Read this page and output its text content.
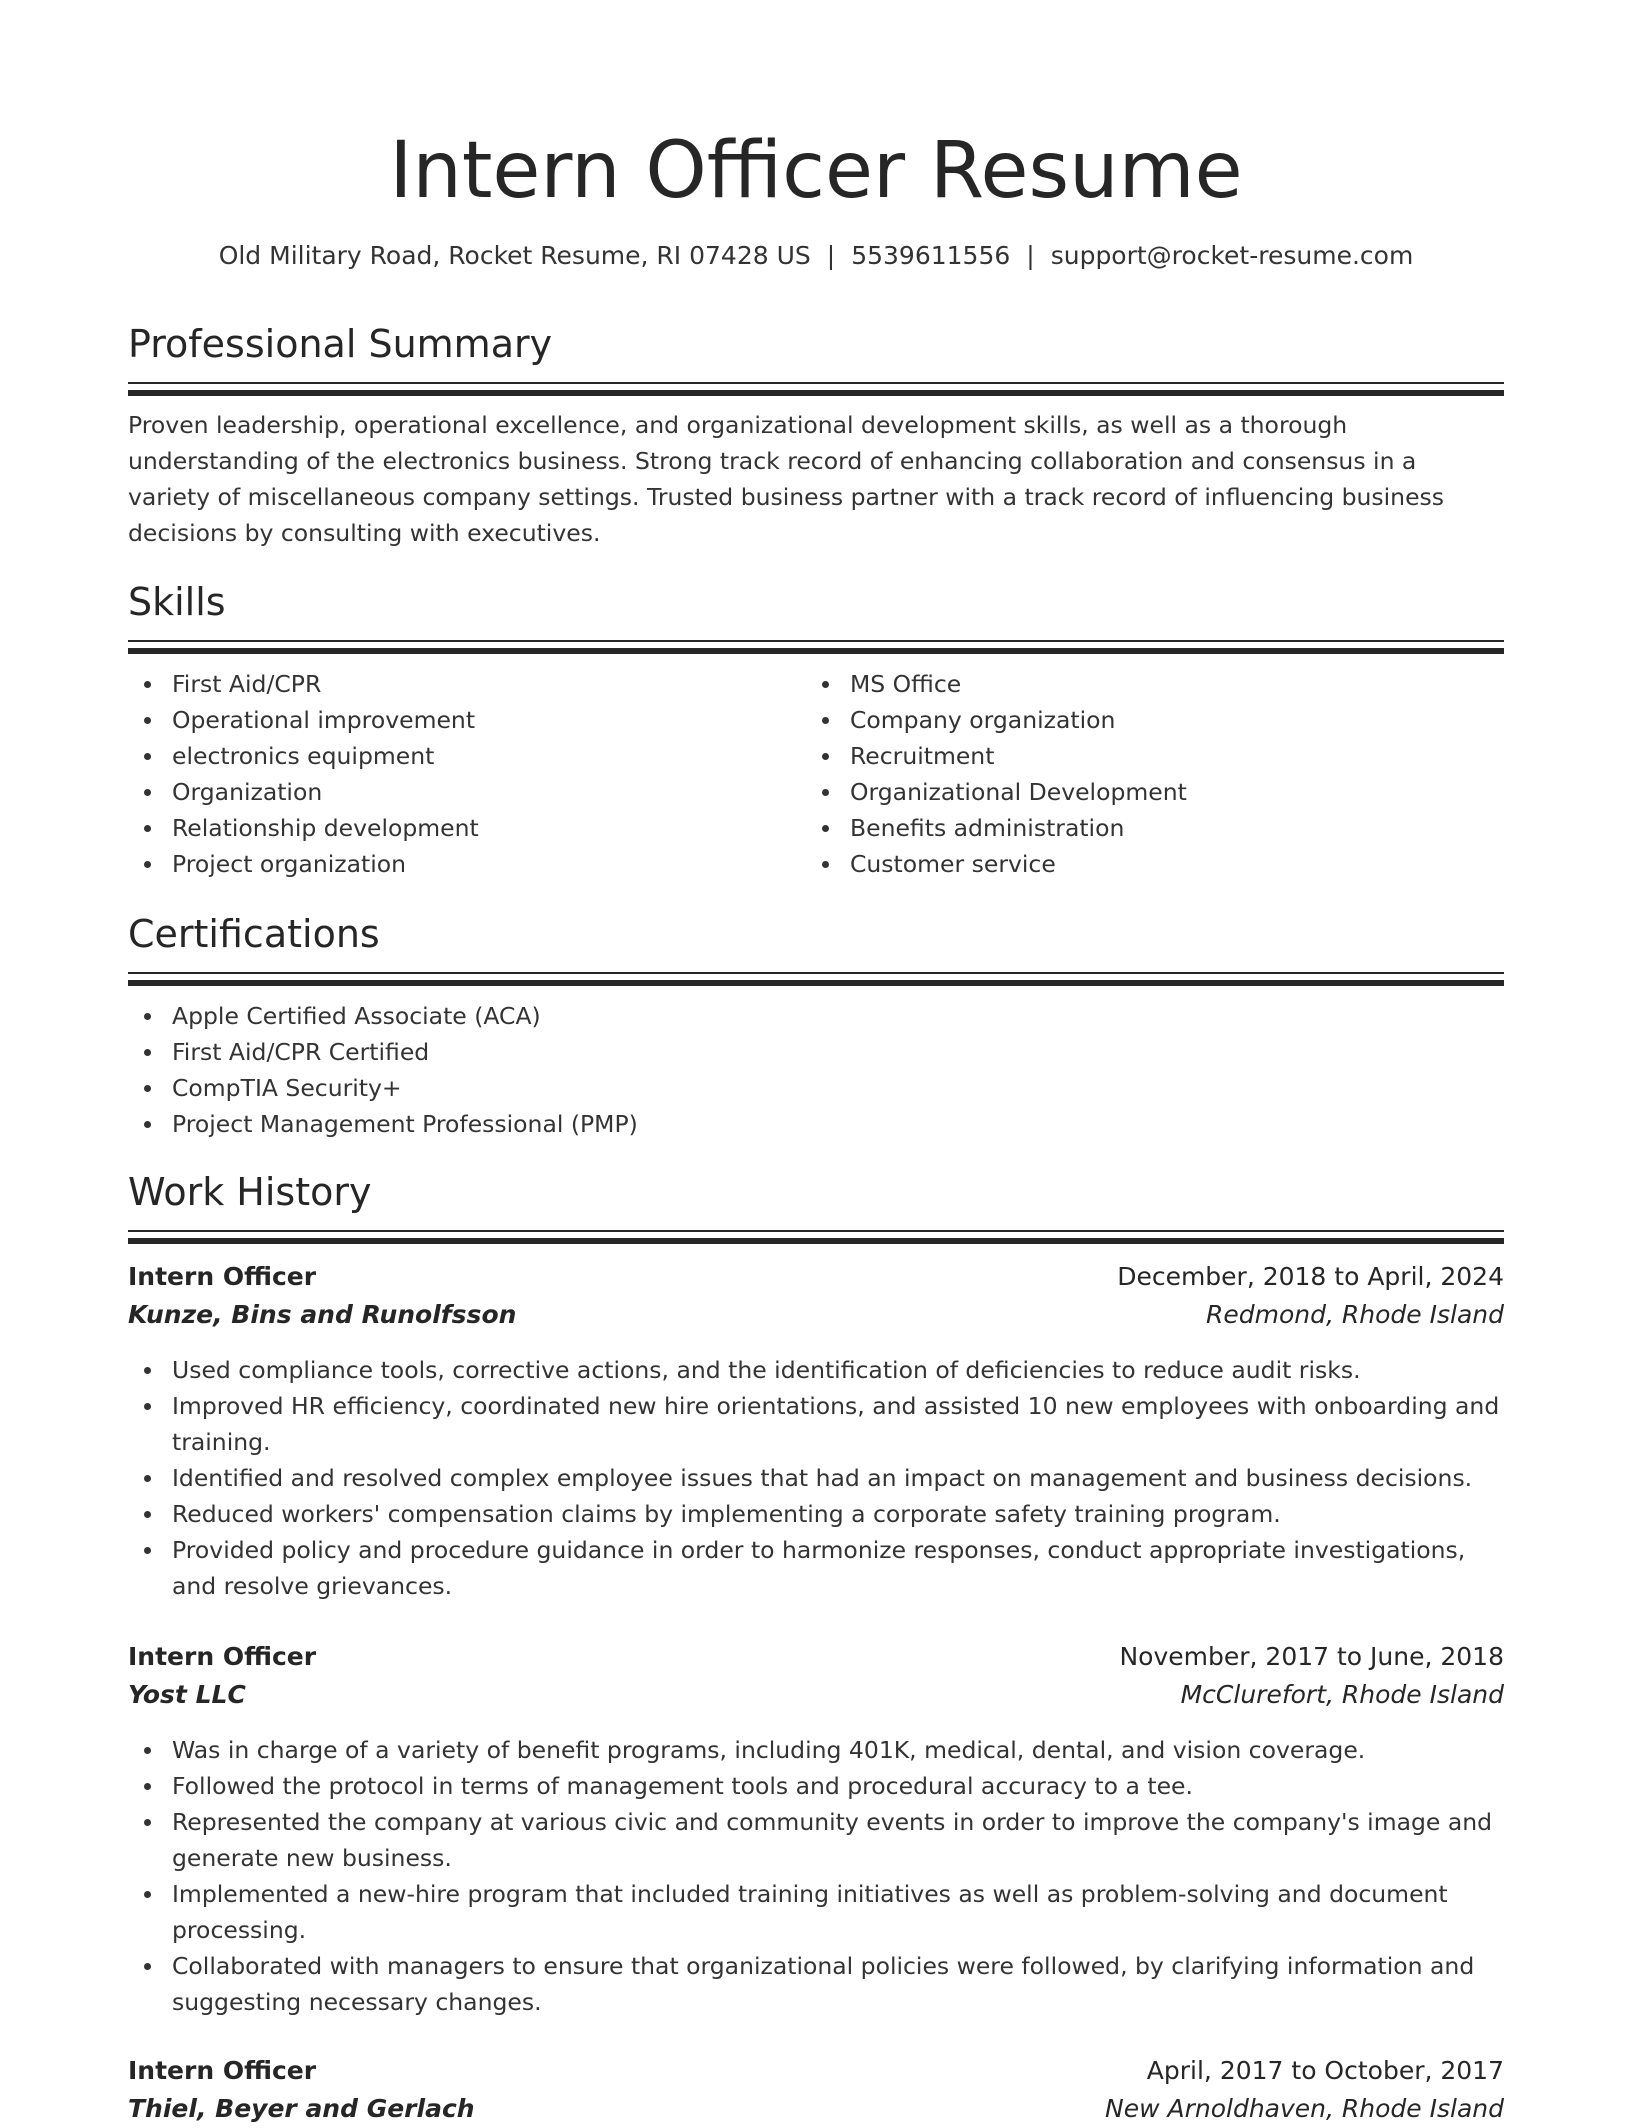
Intern Officer Resume
Old Military Road, Rocket Resume, RI 07428 US | 5539611556 | support@rocket-resume.com
Professional Summary

Proven leadership, operational excellence, and organizational development skills, as well as a thorough understanding of the electronics business. Strong track record of enhancing collaboration and consensus in a variety of miscellaneous company settings. Trusted business partner with a track record of influencing business decisions by consulting with executives.

Skills
First Aid/CPR
Operational improvement
electronics equipment
Organization
Relationship development
Project organization
MS Office
Company organization
Recruitment
Organizational Development
Benefits administration
Customer service
Certifications
Apple Certified Associate (ACA)
First Aid/CPR Certified
CompTIA Security+
Project Management Professional (PMP)
Work History
Intern Officer	December, 2018 to April, 2024
Kunze, Bins and Runolfsson	Redmond, Rhode Island
Used compliance tools, corrective actions, and the identification of deficiencies to reduce audit risks.
Improved HR efficiency, coordinated new hire orientations, and assisted 10 new employees with onboarding and training.
Identified and resolved complex employee issues that had an impact on management and business decisions.
Reduced workers' compensation claims by implementing a corporate safety training program.
Provided policy and procedure guidance in order to harmonize responses, conduct appropriate investigations, and resolve grievances.
Intern Officer	November, 2017 to June, 2018
Yost LLC	McClurefort, Rhode Island
Was in charge of a variety of benefit programs, including 401K, medical, dental, and vision coverage.
Followed the protocol in terms of management tools and procedural accuracy to a tee.
Represented the company at various civic and community events in order to improve the company's image and generate new business.
Implemented a new-hire program that included training initiatives as well as problem-solving and document processing.
Collaborated with managers to ensure that organizational policies were followed, by clarifying information and suggesting necessary changes.
Intern Officer	April, 2017 to October, 2017
Thiel, Beyer and Gerlach	New Arnoldhaven, Rhode Island
